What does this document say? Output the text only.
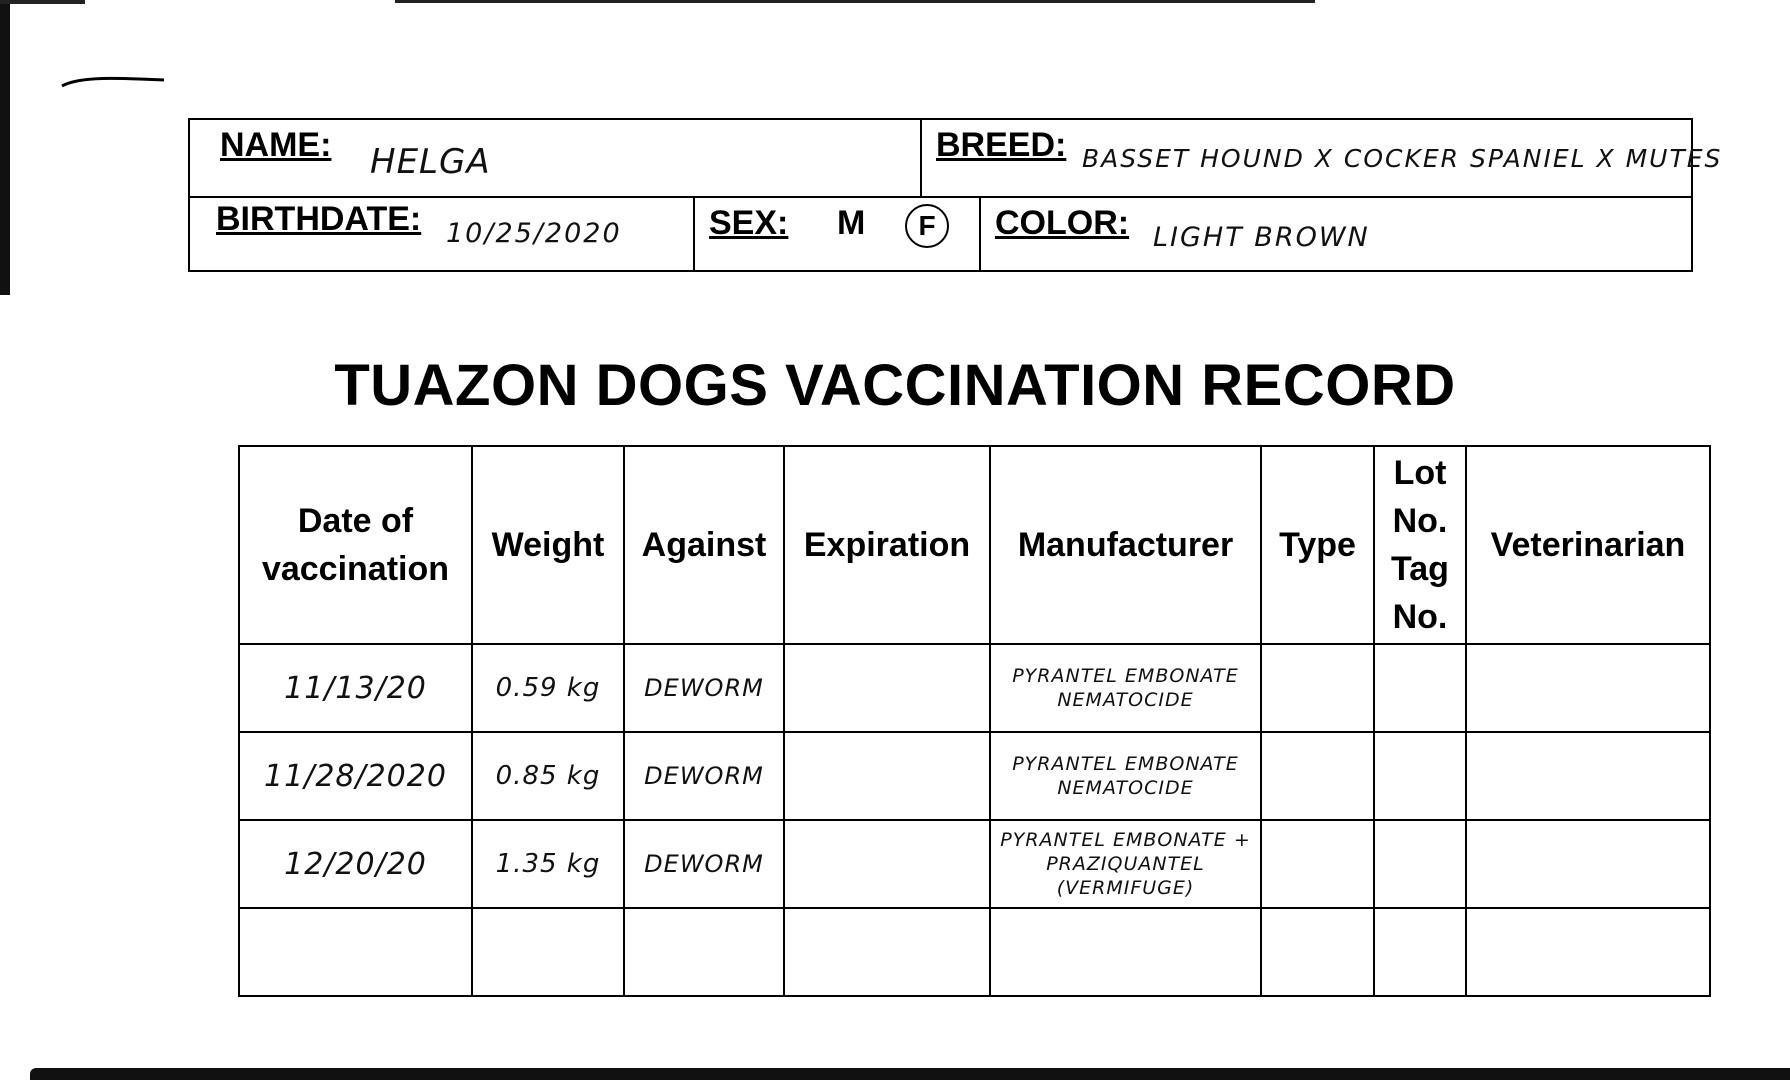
NAME: HELGA	BREED: BASSET HOUND X COCKER SPANIEL X MUTES
BIRTHDATE: 10/25/2020	SEX: M	F	COLOR: LIGHT BROWN
TUAZON DOGS VACCINATION RECORD
Date of vaccination	Weight	Against	Expiration	Manufacturer	Type	Lot No. Tag No.	Veterinarian
11/13/20	0.59 kg	DEWORM		PYRANTEL EMBONATE NEMATOCIDE			

11/28/2020	0.85 kg	DEWORM		PYRANTEL EMBONATE NEMATOCIDE			

12/20/20	1.35 kg	DEWORM		PYRANTEL EMBONATE + PRAZIQUANTEL (VERMIFUGE)			
